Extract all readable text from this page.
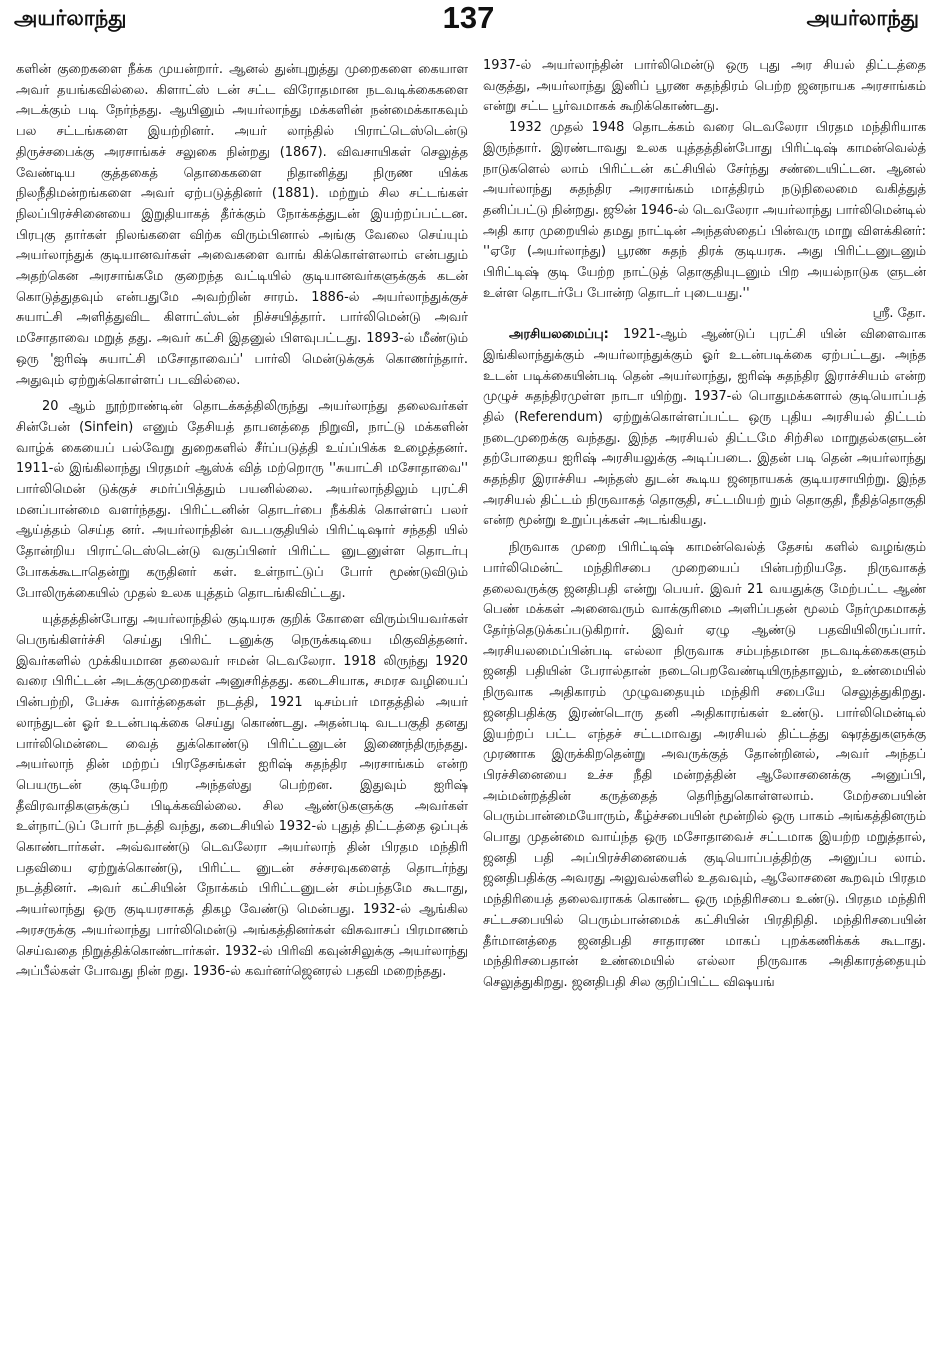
அயர்லாந்து	137	அயர்லாந்து

களின் குறைகளை நீக்க முயன்றார். ஆனல் துன்புறுத்து முறைகளை கையாள அவர் தயங்கவில்லை. கிளாட்ஸ் டன் சட்ட விரோதமான நடவடிக்கைகளை அடக்கும் படி நேர்ந்தது. ஆயினும் அயர்லாந்து மக்களின் நன்மைக்காகவும் பல சட்டங்களை இயற்றினர். அயர் லாந்தில் பிராட்டெஸ்டென்டு திருச்சபைக்கு அரசாங்கச் சலுகை நின்றது (1867). விவசாயிகள் செலுத்த வேண்டிய குத்தகைத் தொகைகளை நிதானித்து நிருண யிக்க நிலநீதிமன்றங்களை அவர் ஏற்படுத்தினர் (1881). மற்றும் சில சட்டங்கள் நிலப்பிரச்சினையை இறுதியாகத் தீர்க்கும் நோக்கத்துடன் இயற்றப்பட்டன. பிரபுகு தார்கள் நிலங்களை விற்க விரும்பினால் அங்கு வேலை செய்யும் அயர்லாந்துக் குடியானவர்கள் அவைகளை வாங் கிக்கொள்ளலாம் என்பதும் அதற்கென அரசாங்கமே குறைந்த வட்டியில் குடியானவர்களுக்குக் கடன் கொடுத்துதவும் என்பதுமே அவற்றின் சாரம். 1886-ல் அயர்லாந்துக்குச் சுயாட்சி அளித்துவிட கிளாட்ஸ்டன் நிச்சயித்தார். பார்லிமென்டு அவர் மசோதாவை மறுத் தது. அவர் கட்சி இதனுல் பிளவுபட்டது. 1893-ல் மீண்டும் ஒரு 'ஐரிஷ் சுயாட்சி மசோதாவைப்' பார்லி மென்டுக்குக் கொணர்ந்தார். அதுவும் ஏற்றுக்கொள்ளப் படவில்லை.

20 ஆம் நூற்றாண்டின் தொடக்கத்திலிருந்து அயர்லாந்து தலைவர்கள் சின்பேன் (Sinfein) எனும் தேசியத் தாபனத்தை நிறுவி, நாட்டு மக்களின் வாழ்க் கையைப் பல்வேறு துறைகளில் சீர்ப்படுத்தி உய்ப்பிக்க உழைத்தனர். 1911-ல் இங்கிலாந்து பிரதமர் ஆஸ்க் வித் மற்றொரு ''சுயாட்சி மசோதாவை'' பார்லிமென் டுக்குச் சமர்ப்பித்தும் பயனில்லை. அயர்லாந்திலும் புரட்சி மனப்பான்மை வளர்ந்தது. பிரிட்டனின் தொடர்பை நீக்கிக் கொள்ளப் பலர் ஆய்த்தம் செய்த னர். அயர்லாந்தின் வடபகுதியில் பிரிட்டிஷார் சந்ததி யில் தோன்றிய பிராட்டெஸ்டென்டு வகுப்பினர் பிரிட்ட னுடனுள்ள தொடர்பு போகக்கூடாதென்று கருதினர் கள். உள்நாட்டுப் போர் மூண்டுவிடும் போலிருக்கையில் முதல் உலக யுத்தம் தொடங்கிவிட்டது.

யுத்தத்தின்போது அயர்லாந்தில் குடியரசு குறிக் கோளை விரும்பியவர்கள் பெருங்கிளர்ச்சி செய்து பிரிட் டனுக்கு நெருக்கடியை மிகுவித்தனர். இவர்களில் முக்கியமான தலைவர் ஈமன் டெவலேரா. 1918 லிருந்து 1920 வரை பிரிட்டன் அடக்குமுறைகள் அனுசரித்தது. கடைசியாக, சமரச வழியைப் பின்பற்றி, பேச்சு வார்த்தைகள் நடத்தி, 1921 டிசம்பர் மாதத்தில் அயர் லாந்துடன் ஓர் உடன்படிக்கை செய்து கொண்டது. அதன்படி வடபகுதி தனது பார்லிமென்டை வைத் துக்கொண்டு பிரிட்டனுடன் இணைந்திருந்தது. அயர்லாந் தின் மற்றப் பிரதேசங்கள் ஐரிஷ் சுதந்திர அரசாங்கம் என்ற பெயருடன் குடியேற்ற அந்தஸ்து பெற்றன. இதுவும் ஐரிஷ் தீவிரவாதிகளுக்குப் பிடிக்கவில்லை. சில ஆண்டுகளுக்கு அவர்கள் உள்நாட்டுப் போர் நடத்தி வந்து, கடைசியில் 1932-ல் புதுத் திட்டத்தை ஒப்புக் கொண்டார்கள். அவ்வாண்டு டெவலேரா அயர்லாந் தின் பிரதம மந்திரி பதவியை ஏற்றுக்கொண்டு, பிரிட்ட னுடன் சச்சரவுகளைத் தொடர்ந்து நடத்தினர். அவர் கட்சியின் நோக்கம் பிரிட்டனுடன் சம்பந்தமே கூடாது, அயர்லாந்து ஒரு குடியரசாகத் திகழ வேண்டு மென்பது. 1932-ல் ஆங்கில அரசருக்கு அயர்லாந்து பார்லிமென்டு அங்கத்தினர்கள் விசுவாசப் பிரமாணம் செய்வதை நிறுத்திக்கொண்டார்கள். 1932-ல் பிரிவி கவுன்சிலுக்கு அயர்லாந்து அப்பீல்கள் போவது நின் றது. 1936-ல் கவர்னர்ஜெனரல் பதவி மறைந்தது.

1937-ல் அயர்லாந்தின் பார்லிமென்டு ஒரு புது அர சியல் திட்டத்தை வகுத்து, அயர்லாந்து இனிப் பூரண சுதந்திரம் பெற்ற ஜனநாயக அரசாங்கம் என்று சட்ட பூர்வமாகக் கூறிக்கொண்டது.

1932 முதல் 1948 தொடக்கம் வரை டெவலேரா பிரதம மந்திரியாக இருந்தார். இரண்டாவது உலக யுத்தத்தின்போது பிரிட்டிஷ் காமன்வெல்த் நாடுகளெல் லாம் பிரிட்டன் கட்சியில் சேர்ந்து சண்டையிட்டன. ஆனல் அயர்லாந்து சுதந்திர அரசாங்கம் மாத்திரம் நடுநிலைமை வகித்துத் தனிப்பட்டு நின்றது. ஜூன் 1946-ல் டெவலேரா அயர்லாந்து பார்லிமென்டில் அதி கார முறையில் தமது நாட்டின் அந்தஸ்தைப் பின்வரு மாறு விளக்கினர்: ''ஏரே (அயர்லாந்து) பூரண சுதந் திரக் குடியரசு. அது பிரிட்டனுடனும் பிரிட்டிஷ் குடி யேற்ற நாட்டுத் தொகுதியுடனும் பிற அயல்நாடுக ளுடன் உள்ள தொடர்பே போன்ற தொடர் புடையது.''

ஸ்ரீ. தோ.

அரசியலமைப்பு: 1921-ஆம் ஆண்டுப் புரட்சி யின் விளைவாக இங்கிலாந்துக்கும் அயர்லாந்துக்கும் ஓர் உடன்படிக்கை ஏற்பட்டது. அந்த உடன் படிக்கையின்படி தென் அயர்லாந்து, ஐரிஷ் சுதந்திர இராச்சியம் என்ற முழுச் சுதந்திரமுள்ள நாடா யிற்று. 1937-ல் பொதுமக்களால் குடியொப்பத் தில் (Referendum) ஏற்றுக்கொள்ளப்பட்ட ஒரு புதிய அரசியல் திட்டம் நடைமுறைக்கு வந்தது. இந்த அரசியல் திட்டமே சிற்சில மாறுதல்களுடன் தற்போதைய ஐரிஷ் அரசியலுக்கு அடிப்படை. இதன் படி தென் அயர்லாந்து சுதந்திர இராச்சிய அந்தஸ் துடன் கூடிய ஜனநாயகக் குடியரசாயிற்று. இந்த அரசியல் திட்டம் நிருவாகத் தொகுதி, சட்டமியற் றும் தொகுதி, நீதித்தொகுதி என்ற மூன்று உறுப்புக்கள் அடங்கியது.

நிருவாக முறை பிரிட்டிஷ் காமன்வெல்த் தேசங் களில் வழங்கும் பார்லிமென்ட் மந்திரிசபை முறையைப் பின்பற்றியதே. நிருவாகத் தலைவருக்கு ஜனதிபதி என்று பெயர். இவர் 21 வயதுக்கு மேற்பட்ட ஆண் பெண் மக்கள் அனைவரும் வாக்குரிமை அளிப்பதன் மூலம் நேர்முகமாகத் தேர்ந்தெடுக்கப்படுகிறார். இவர் ஏழு ஆண்டு பதவியிலிருப்பார். அரசியலமைப்பின்படி எல்லா நிருவாக சம்பந்தமான நடவடிக்கைகளும் ஜனதி பதியின் பேரால்தான் நடைபெறவேண்டியிருந்தாலும், உண்மையில் நிருவாக அதிகாரம் முழுவதையும் மந்திரி சபையே செலுத்துகிறது. ஜனதிபதிக்கு இரண்டொரு தனி அதிகாரங்கள் உண்டு. பார்லிமென்டில் இயற்றப் பட்ட எந்தச் சட்டமாவது அரசியல் திட்டத்து ஷரத்துகளுக்கு முரணாக இருக்கிறதென்று அவருக்குத் தோன்றினல், அவர் அந்தப் பிரச்சினையை உச்ச நீதி மன்றத்தின் ஆலோசனைக்கு அனுப்பி, அம்மன்றத்தின் கருத்தைத் தெரிந்துகொள்ளலாம். மேற்சபையின் பெரும்பான்மையோரும், கீழ்ச்சபையின் மூன்றில் ஒரு பாகம் அங்கத்தினரும் பொது முதன்மை வாய்ந்த ஒரு மசோதாவைச் சட்டமாக இயற்ற மறுத்தால், ஜனதி பதி அப்பிரச்சினையைக் குடியொப்பத்திற்கு அனுப்ப லாம். ஜனதிபதிக்கு அவரது அலுவல்களில் உதவவும், ஆலோசனை கூறவும் பிரதம மந்திரியைத் தலைவராகக் கொண்ட ஒரு மந்திரிசபை உண்டு. பிரதம மந்திரி சட்டசபையில் பெரும்பான்மைக் கட்சியின் பிரதிநிதி. மந்திரிசபையின் தீர்மானத்தை ஜனதிபதி சாதாரண மாகப் புறக்கணிக்கக் கூடாது. மந்திரிசபைதான் உண்மையில் எல்லா நிருவாக அதிகாரத்தையும் செலுத்துகிறது. ஜனதிபதி சில குறிப்பிட்ட விஷயங்
